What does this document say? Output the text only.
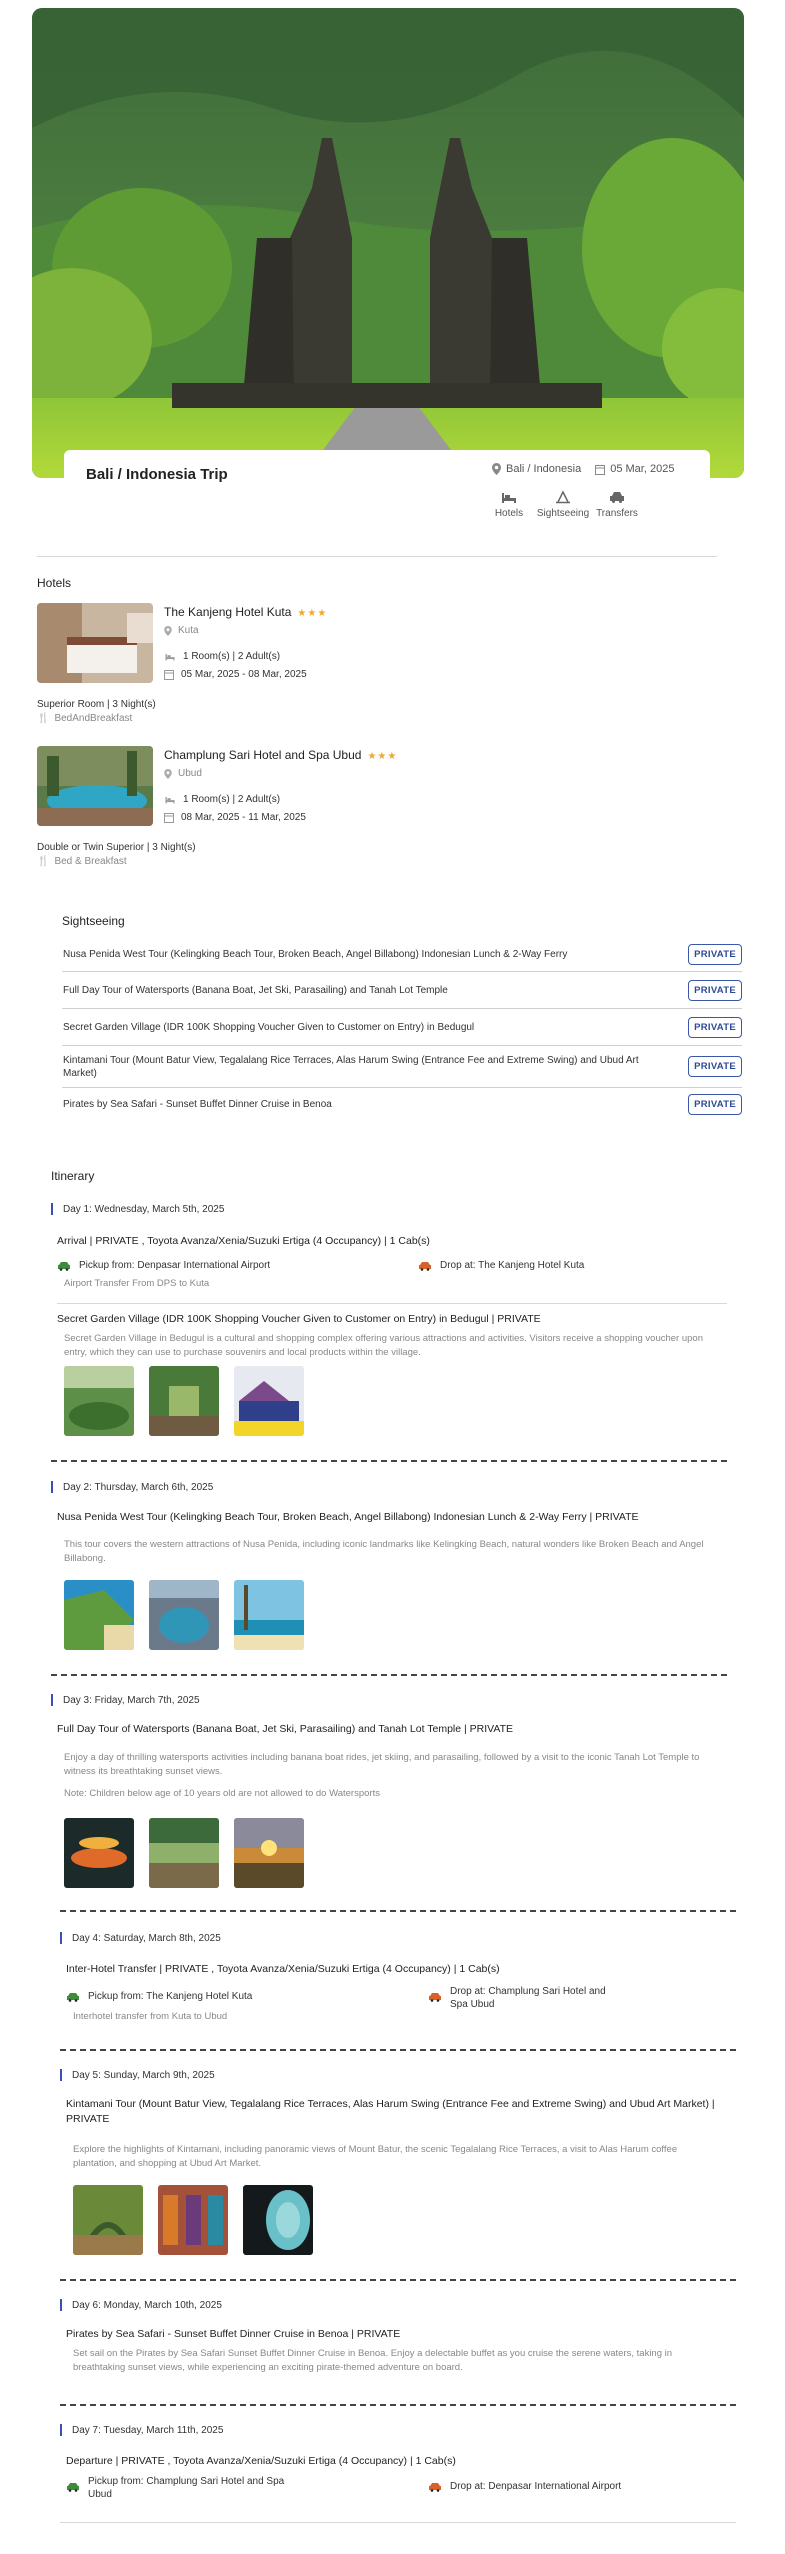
Bali / Indonesia Trip	Bali / Indonesia	05 Mar, 2025
Hotels Sightseeing Transfers
Hotels
The Kanjeng Hotel Kuta ★★★
Kuta
1 Room(s) | 2 Adult(s)
05 Mar, 2025 - 08 Mar, 2025
Superior Room | 3 Night(s)
🍴 BedAndBreakfast
Champlung Sari Hotel and Spa Ubud ★★★
Ubud
1 Room(s) | 2 Adult(s)
08 Mar, 2025 - 11 Mar, 2025
Double or Twin Superior | 3 Night(s)
🍴 Bed & Breakfast
Sightseeing
Nusa Penida West Tour (Kelingking Beach Tour, Broken Beach, Angel Billabong) Indonesian Lunch & 2-Way Ferry	PRIVATE
Full Day Tour of Watersports (Banana Boat, Jet Ski, Parasailing) and Tanah Lot Temple	PRIVATE
Secret Garden Village (IDR 100K Shopping Voucher Given to Customer on Entry) in Bedugul	PRIVATE
Kintamani Tour (Mount Batur View, Tegalalang Rice Terraces, Alas Harum Swing (Entrance Fee and Extreme Swing) and Ubud Art Market)
PRIVATE
Pirates by Sea Safari - Sunset Buffet Dinner Cruise in Benoa	PRIVATE
Itinerary
Day 1: Wednesday, March 5th, 2025
Arrival | PRIVATE , Toyota Avanza/Xenia/Suzuki Ertiga (4 Occupancy) | 1 Cab(s)
Pickup from: Denpasar International Airport	Drop at: The Kanjeng Hotel Kuta
Airport Transfer From DPS to Kuta
Secret Garden Village (IDR 100K Shopping Voucher Given to Customer on Entry) in Bedugul | PRIVATE
Secret Garden Village in Bedugul is a cultural and shopping complex offering various attractions and activities. Visitors receive a shopping voucher upon entry, which they can use to purchase souvenirs and local products within the village.
Day 2: Thursday, March 6th, 2025
Nusa Penida West Tour (Kelingking Beach Tour, Broken Beach, Angel Billabong) Indonesian Lunch & 2-Way Ferry | PRIVATE
This tour covers the western attractions of Nusa Penida, including iconic landmarks like Kelingking Beach, natural wonders like Broken Beach and Angel Billabong.
Day 3: Friday, March 7th, 2025
Full Day Tour of Watersports (Banana Boat, Jet Ski, Parasailing) and Tanah Lot Temple | PRIVATE
Enjoy a day of thrilling watersports activities including banana boat rides, jet skiing, and parasailing, followed by a visit to the iconic Tanah Lot Temple to witness its breathtaking sunset views.
Note: Children below age of 10 years old are not allowed to do Watersports
Day 4: Saturday, March 8th, 2025
Inter-Hotel Transfer | PRIVATE , Toyota Avanza/Xenia/Suzuki Ertiga (4 Occupancy) | 1 Cab(s)
Pickup from: The Kanjeng Hotel Kuta	Drop at: Champlung Sari Hotel and Spa Ubud
Interhotel transfer from Kuta to Ubud
Day 5: Sunday, March 9th, 2025
Kintamani Tour (Mount Batur View, Tegalalang Rice Terraces, Alas Harum Swing (Entrance Fee and Extreme Swing) and Ubud Art Market) | PRIVATE
Explore the highlights of Kintamani, including panoramic views of Mount Batur, the scenic Tegalalang Rice Terraces, a visit to Alas Harum coffee plantation, and shopping at Ubud Art Market.
Day 6: Monday, March 10th, 2025
Pirates by Sea Safari - Sunset Buffet Dinner Cruise in Benoa | PRIVATE
Set sail on the Pirates by Sea Safari Sunset Buffet Dinner Cruise in Benoa. Enjoy a delectable buffet as you cruise the serene waters, taking in breathtaking sunset views, while experiencing an exciting pirate-themed adventure on board.
Day 7: Tuesday, March 11th, 2025
Departure | PRIVATE , Toyota Avanza/Xenia/Suzuki Ertiga (4 Occupancy) | 1 Cab(s)
Pickup from: Champlung Sari Hotel and Spa Ubud
Drop at: Denpasar International Airport
